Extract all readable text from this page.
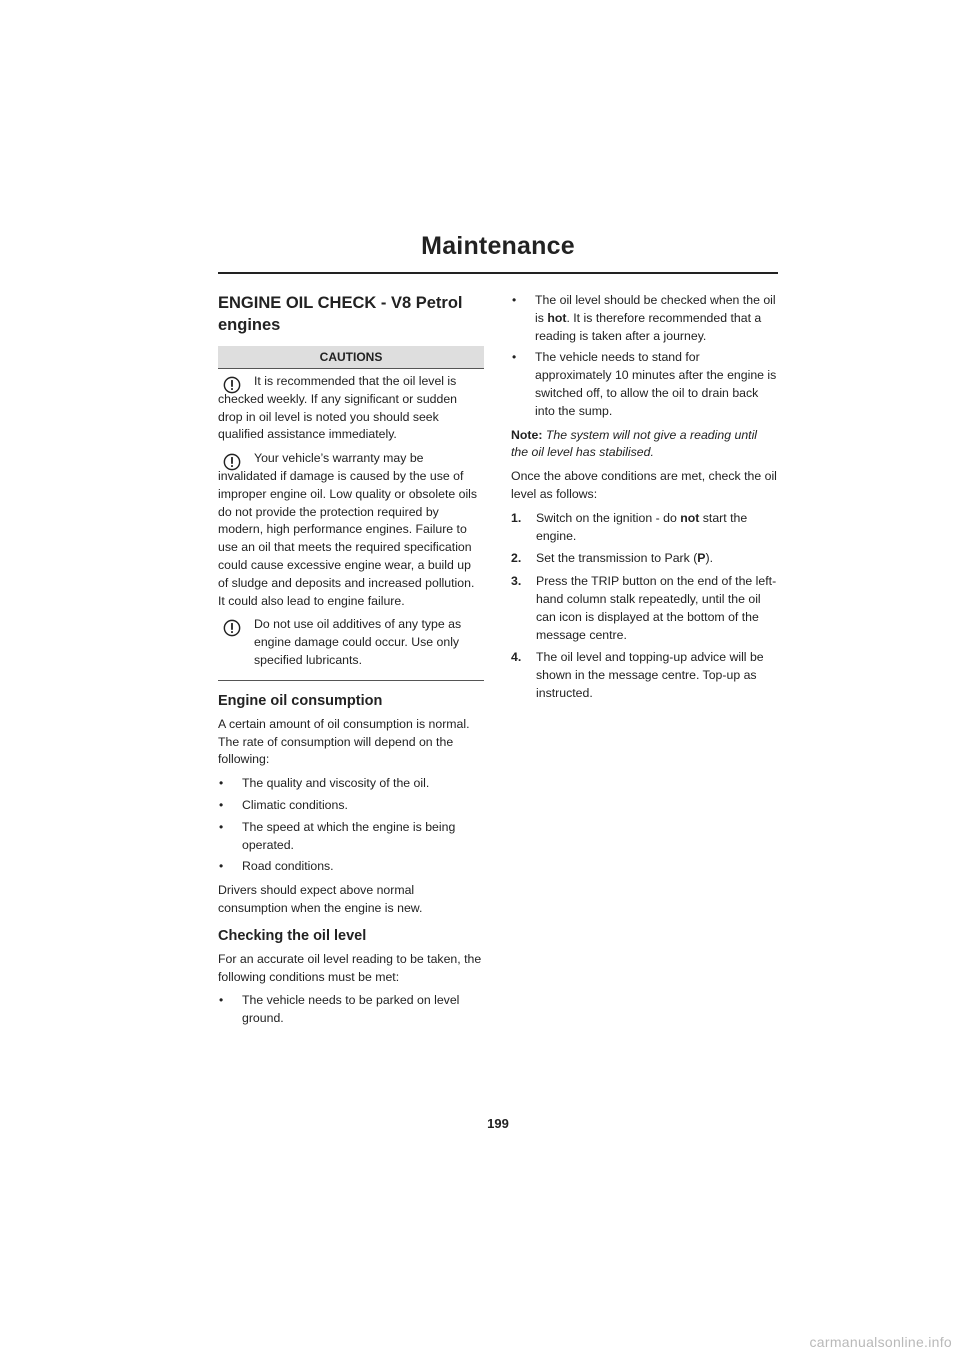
Maintenance
ENGINE OIL CHECK - V8 Petrol
engines
CAUTIONS
It is recommended that the oil level is checked weekly. If any significant or sudden drop in oil level is noted you should seek qualified assistance immediately.
Your vehicle’s warranty may be invalidated if damage is caused by the use of improper engine oil. Low quality or obsolete oils do not provide the protection required by modern, high performance engines. Failure to use an oil that meets the required specification could cause excessive engine wear, a build up of sludge and deposits and increased pollution. It could also lead to engine failure.
Do not use oil additives of any type as engine damage could occur. Use only specified lubricants.
Engine oil consumption

A certain amount of oil consumption is normal. The rate of consumption will depend on the following:

• The quality and viscosity of the oil.
• Climatic conditions.
• The speed at which the engine is being operated.
• Road conditions.

Drivers should expect above normal consumption when the engine is new.

Checking the oil level

For an accurate oil level reading to be taken, the following conditions must be met:

• The vehicle needs to be parked on level ground.
• The oil level should be checked when the oil is hot. It is therefore recommended that a reading is taken after a journey.
• The vehicle needs to stand for approximately 10 minutes after the engine is switched off, to allow the oil to drain back into the sump.

Note: The system will not give a reading until the oil level has stabilised.

Once the above conditions are met, check the oil level as follows:

1. Switch on the ignition - do not start the engine.
2. Set the transmission to Park (P).
3. Press the TRIP button on the end of the left-hand column stalk repeatedly, until the oil can icon is displayed at the bottom of the message centre.
4. The oil level and topping-up advice will be shown in the message centre. Top-up as instructed.
199
carmanualsonline.info
